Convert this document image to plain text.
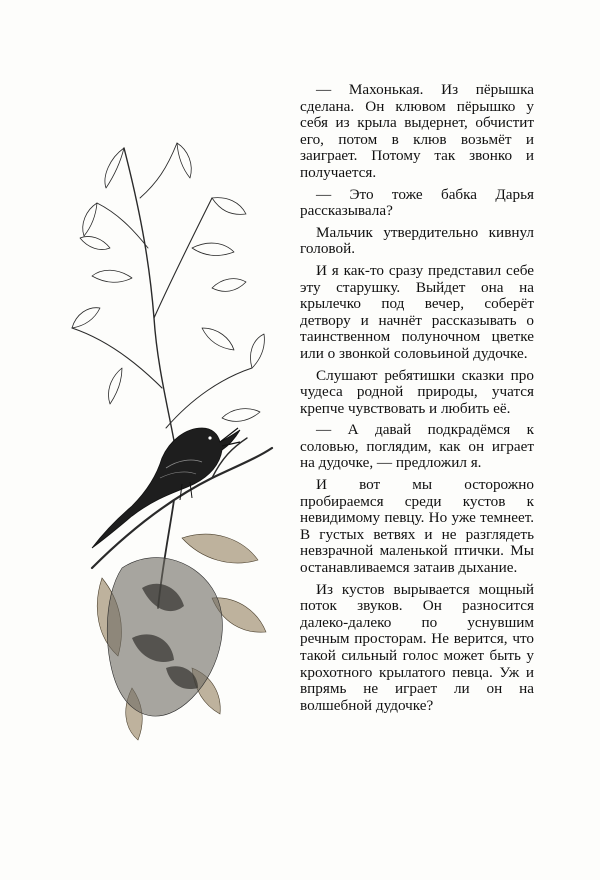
— Махонькая. Из пёрышка сделана. Он клювом пёрышко у себя из крыла выдернет, обчистит его, потом в клюв возьмёт и заиграет. Потому так звонко и получается.

— Это тоже бабка Дарья рассказывала?

Мальчик утвердительно кивнул головой.

И я как-то сразу представил себе эту старушку. Выйдет она на крылечко под вечер, соберёт детвору и начнёт рассказывать о таинственном полуночном цветке или о звонкой соловьиной дудочке.

Слушают ребятишки сказки про чудеса родной природы, учатся крепче чувствовать и любить её.

— А давай подкрадёмся к соловью, поглядим, как он играет на дудочке, — предложил я.

И вот мы осторожно пробираемся среди кустов к невидимому певцу. Но уже темнеет. В густых ветвях и не разглядеть невзрачной маленькой птички. Мы останавливаемся затаив дыхание.

Из кустов вырывается мощный поток звуков. Он разносится далеко-далеко по уснувшим речным просторам. Не верится, что такой сильный голос может быть у крохотного крылатого певца. Уж и впрямь не играет ли он на волшебной дудочке?
